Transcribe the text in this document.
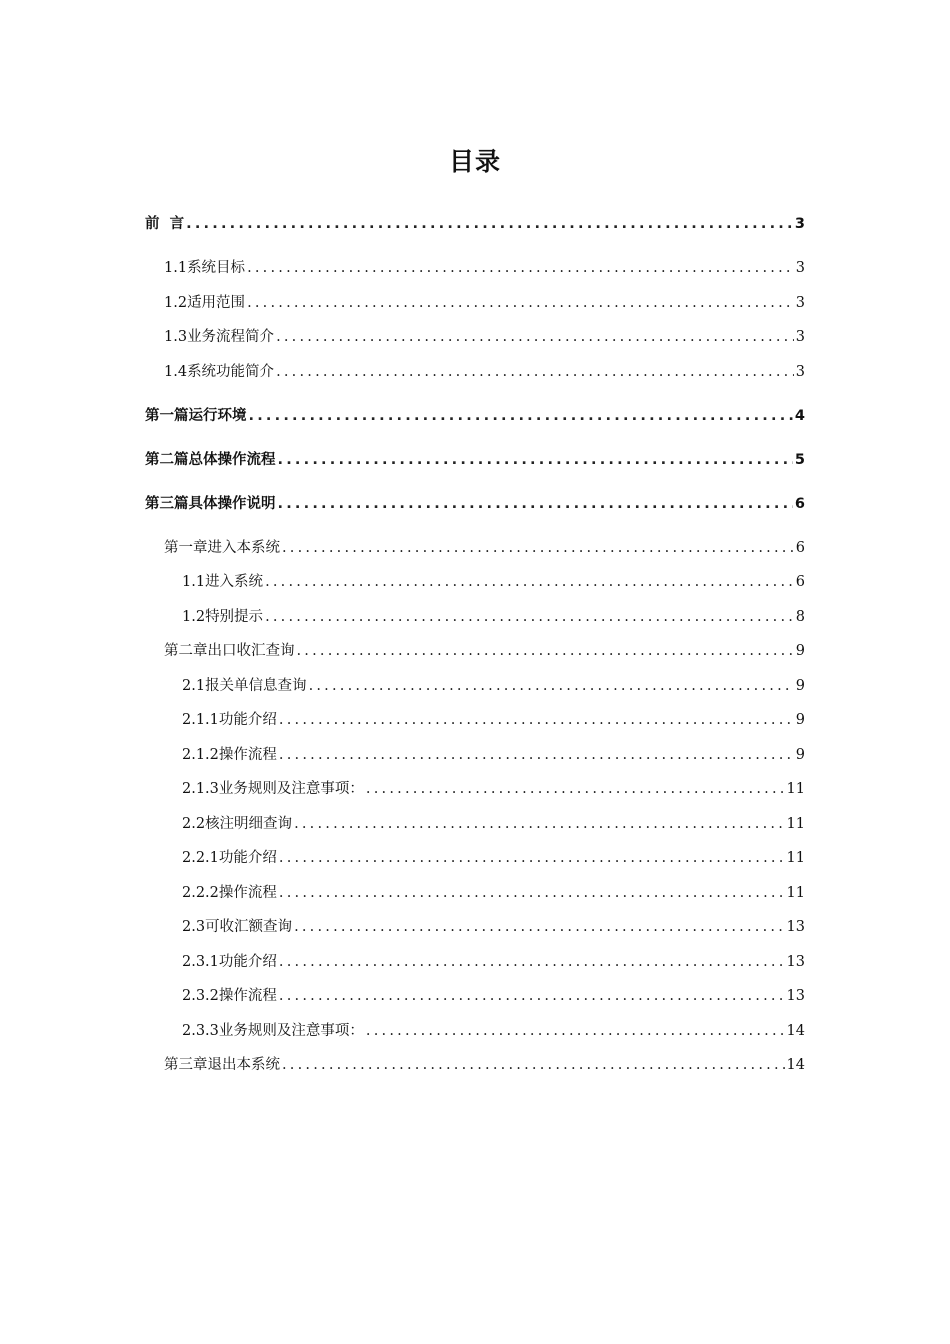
目录
前  言 .....	3
1.1 系统目标 .....	3
1.2 适用范围 .....	3
1.3 业务流程简介 .....	3
1.4 系统功能简介 .....	3
第一篇 运行环境 .....	4
第二篇 总体操作流程 .....	5
第三篇 具体操作说明 .....	6
第一章 进入本系统 .....	6
1.1 进入系统 .....	6
1.2 特别提示 .....	8
第二章 出口收汇查询 .....	9
2.1 报关单信息查询 .....	9
2.1.1 功能介绍 .....	9
2.1.2 操作流程 .....	9
2.1.3 业务规则及注意事项： .....	11
2.2 核注明细查询 .....	11
2.2.1 功能介绍 .....	11
2.2.2 操作流程 .....	11
2.3 可收汇额查询 .....	13
2.3.1 功能介绍 .....	13
2.3.2 操作流程 .....	13
2.3.3 业务规则及注意事项： .....	14
第三章 退出本系统 .....	14
